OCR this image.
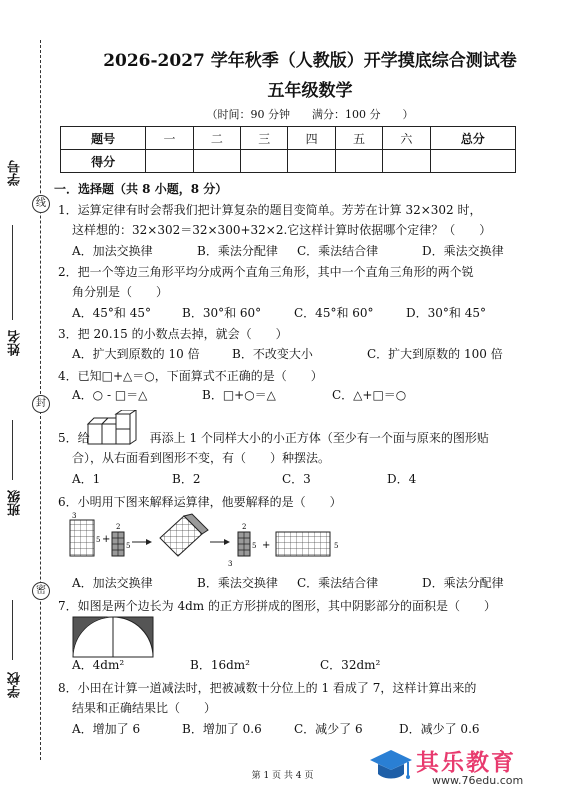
学号
姓名
班级
学校
线
封
密
2026-2027 学年秋季（人教版）开学摸底综合测试卷
五年级数学
（时间：90 分钟　　满分：100 分　　）
题号	一	二	三	四	五	六	总分
得分							
一．选择题（共 8 小题，8 分）
1．运算定律有时会帮我们把计算复杂的题目变简单。芳芳在计算 32×302 时，
这样想的：32×302＝32×300+32×2.它这样计算时依据哪个定律？（　　）
A．加法交换律	B．乘法分配律	C．乘法结合律	D．乘法交换律
2．把一个等边三角形平均分成两个直角三角形，其中一个直角三角形的两个锐
角分别是（　　）
A．45°和 45°	B．30°和 60°	C．45°和 60°	D．30°和 45°
3．把 20.15 的小数点去掉，就会（　　）
A．扩大到原数的 10 倍	B．不改变大小	C．扩大到原数的 100 倍
4．已知□+△＝○，下面算式不正确的是（　　）
A．○ - □＝△	B．□+○＝△	C．△+□＝○
5．给　　　　　再添上 1 个同样大小的小正方体（至少有一个面与原来的图形贴
合），从右面看到图形不变，有（　　）种摆法。
A．1	B．2	C．3	D．4
6．小明用下图来解释运算律，他要解释的是（　　）
3
5 +
2
5
2
3
5 +	5
A．加法交换律	B．乘法交换律	C．乘法结合律	D．乘法分配律
7．如图是两个边长为 4dm 的正方形拼成的图形，其中阴影部分的面积是（　　）
A．4dm²	B．16dm²	C．32dm²
8．小田在计算一道减法时，把被减数十分位上的 1 看成了 7，这样计算出来的
结果和正确结果比（　　）
A．增加了 6	B．增加了 0.6	C．减少了 6	D．减少了 0.6
第 1 页 共 4 页	其乐教育
www.76edu.com
